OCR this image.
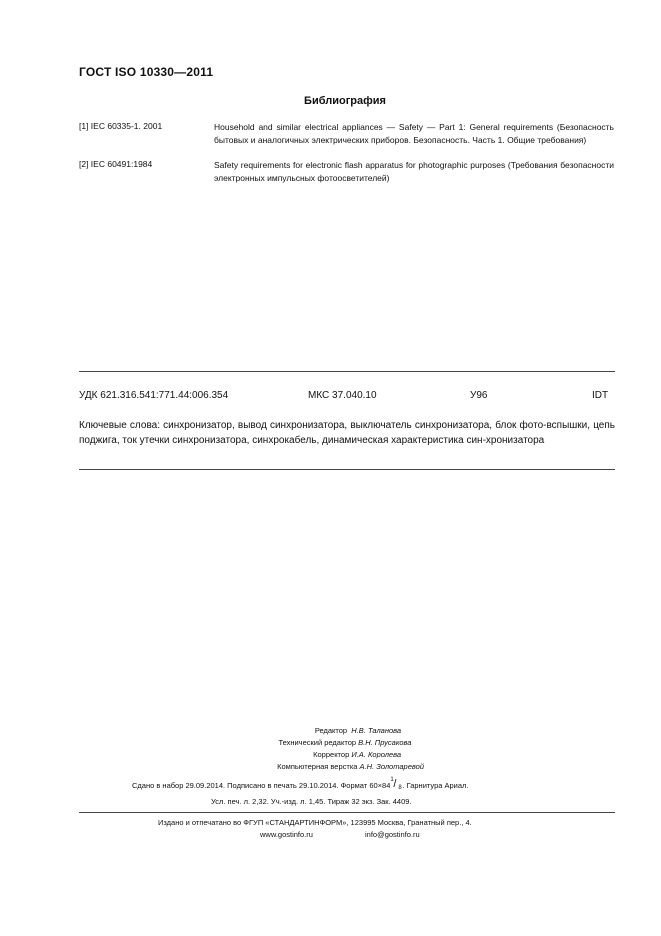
ГОСТ ISO 10330—2011
Библиография
[1] IEC 60335-1. 2001	Household and similar electrical appliances — Safety — Part 1: General requirements (Безопасность бытовых и аналогичных электрических приборов. Безопасность. Часть 1. Общие требования)
[2] IEC 60491:1984	Safety requirements for electronic flash apparatus for photographic purposes (Требования безопасности электронных импульсных фотоосветителей)
УДК 621.316.541:771.44:006.354	МКС 37.040.10	У96	IDT
Ключевые слова: синхронизатор, вывод синхронизатора, выключатель синхронизатора, блок фото-вспышки, цепь поджига, ток утечки синхронизатора, синхрокабель, динамическая характеристика син-хронизатора
Редактор Н.В. Таланова
Технический редактор В.Н. Прусакова
Корректор И.А. Королева
Компьютерная верстка А.Н. Золотаревой
Сдано в набор 29.09.2014. Подписано в печать 29.10.2014. Формат 60×84
1 / 8 . Гарнитура Ариал.
Усл. печ. л. 2,32. Уч.-изд. л. 1,45. Тираж 32 экз. Зак. 4409.
Издано и отпечатано во ФГУП «СТАНДАРТИНФОРМ», 123995 Москва, Гранатный пер., 4.
www.gostinfo.ru	info@gostinfo.ru
